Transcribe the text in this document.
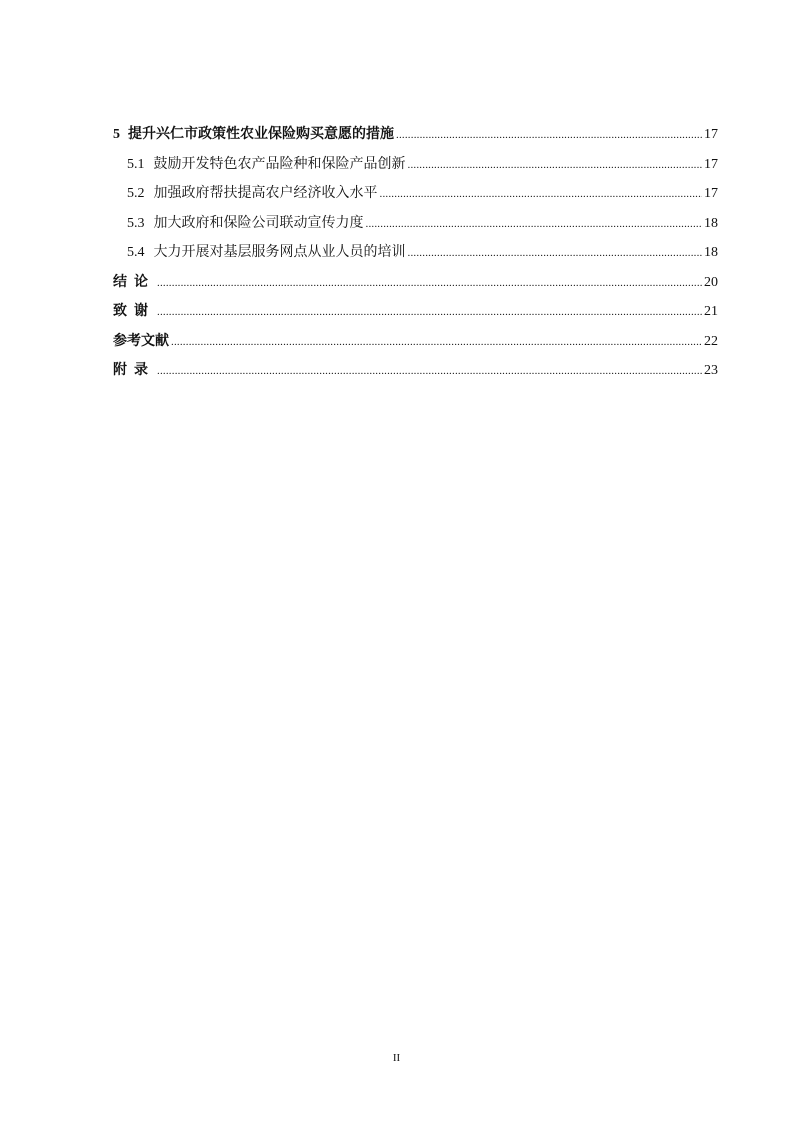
5 提升兴仁市政策性农业保险购买意愿的措施 .....	17
5.1 鼓励开发特色农产品险种和保险产品创新 .....	17
5.2 加强政府帮扶提高农户经济收入水平 .....	17
5.3 加大政府和保险公司联动宣传力度 .....	18
5.4 大力开展对基层服务网点从业人员的培训 .....	18
结论 .....	20
致谢 .....	21
参考文献 .....	22
附录 .....	23
II
